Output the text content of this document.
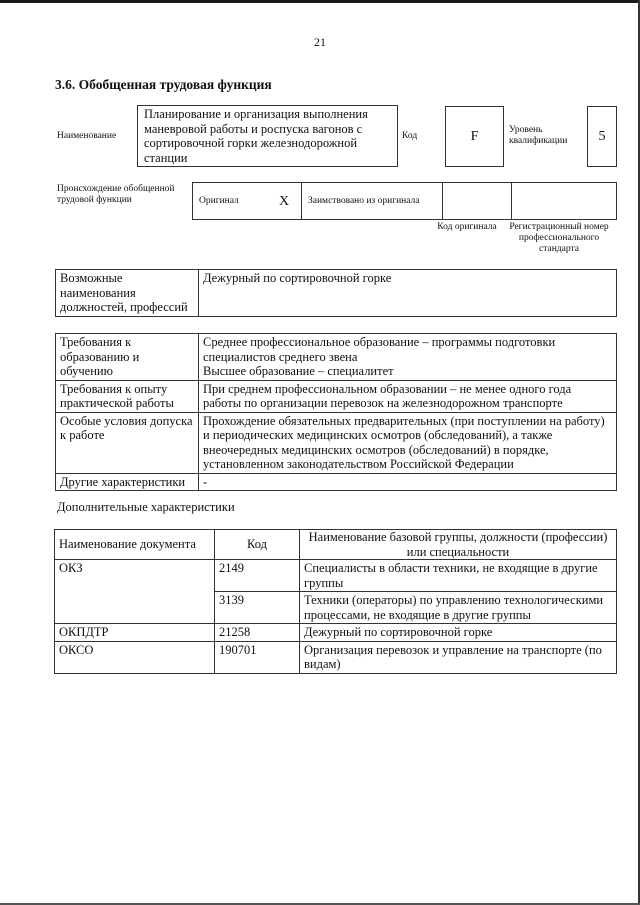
21
3.6. Обобщенная трудовая функция
Наименование
Планирование и организация выполнения маневровой работы и роспуска вагонов с сортировочной горки железнодорожной станции
Код	F	Уровень квалификации	5
Происхождение обобщенной трудовой функции	Оригинал	X	Заимствовано из оригинала		
Код оригинала	Регистрационный номер профессионального стандарта
Возможные наименования должностей, профессий	Дежурный по сортировочной горке
Требования к образованию и обучению	Среднее профессиональное образование – программы подготовки специалистов среднего звена
Высшее образование – специалитет

Требования к опыту практической работы	При среднем профессиональном образовании – не менее одного года работы по организации перевозок на железнодорожном транспорте
Особые условия допуска к работе	Прохождение обязательных предварительных (при поступлении на работу) и периодических медицинских осмотров (обследований), а также внеочередных медицинских осмотров (обследований) в порядке, установленном законодательством Российской Федерации
Другие характеристики	-
Дополнительные характеристики
Наименование документа	Код	Наименование базовой группы, должности (профессии) или специальности
ОКЗ	2149	Специалисты в области техники, не входящие в другие группы
	3139	Техники (операторы) по управлению технологическими процессами, не входящие в другие группы
ОКПДТР	21258	Дежурный по сортировочной горке
ОКСО	190701	Организация перевозок и управление на транспорте (по видам)
